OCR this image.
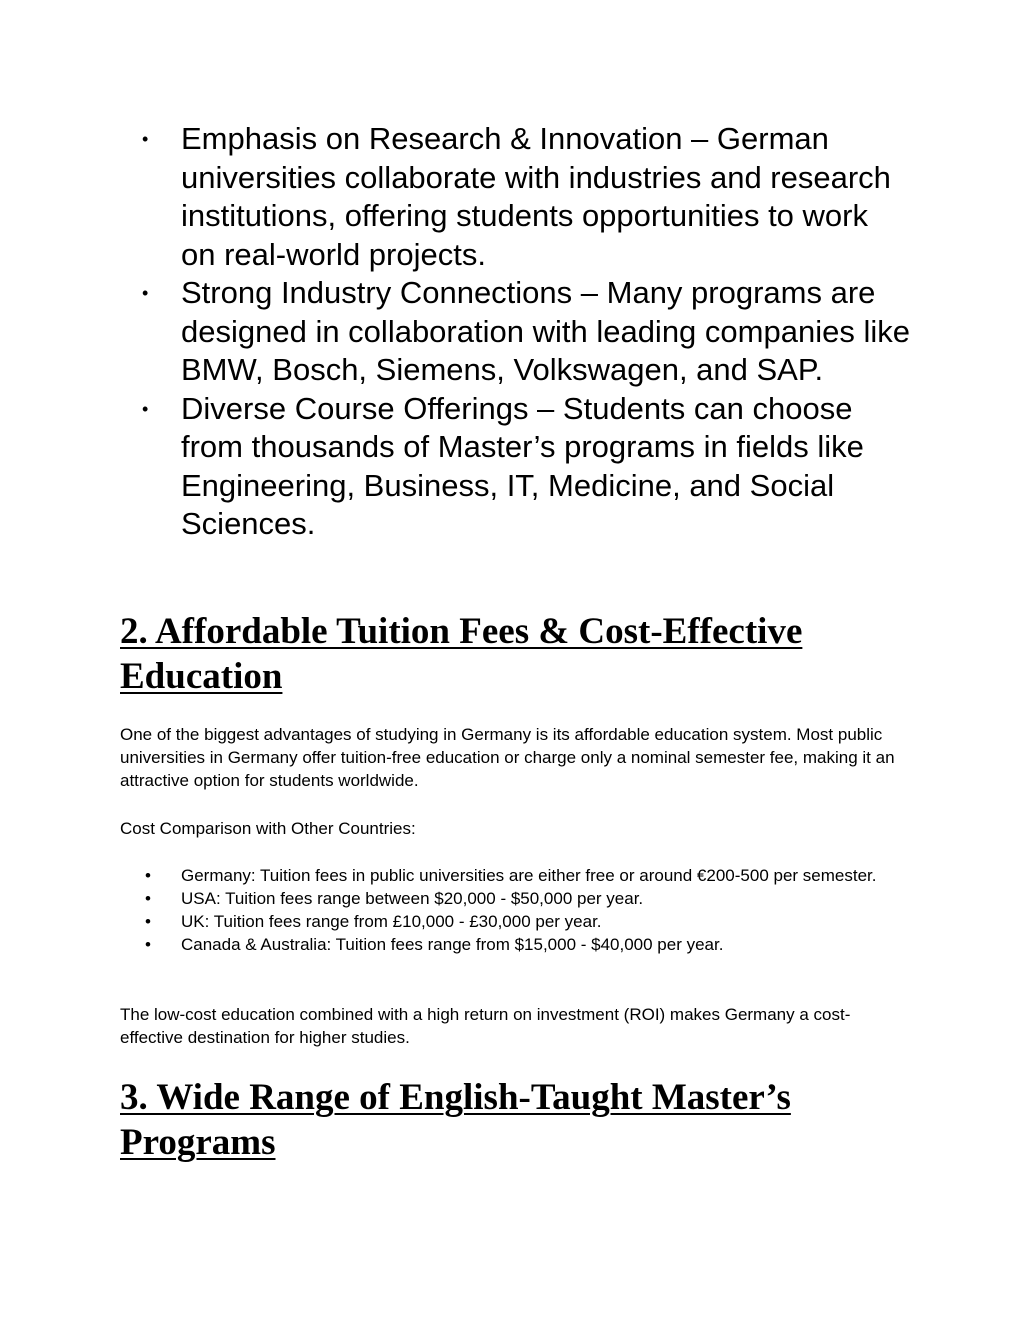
• Emphasis on Research & Innovation – German universities collaborate with industries and research institutions, offering students opportunities to work on real-world projects.
• Strong Industry Connections – Many programs are designed in collaboration with leading companies like BMW, Bosch, Siemens, Volkswagen, and SAP.
• Diverse Course Offerings – Students can choose from thousands of Master’s programs in fields like Engineering, Business, IT, Medicine, and Social Sciences.
2. Affordable Tuition Fees & Cost-Effective Education

One of the biggest advantages of studying in Germany is its affordable education system. Most public universities in Germany offer tuition-free education or charge only a nominal semester fee, making it an attractive option for students worldwide.

Cost Comparison with Other Countries:

• Germany: Tuition fees in public universities are either free or around €200-500 per semester.
• USA: Tuition fees range between $20,000 - $50,000 per year.
• UK: Tuition fees range from £10,000 - £30,000 per year.
• Canada & Australia: Tuition fees range from $15,000 - $40,000 per year.

The low-cost education combined with a high return on investment (ROI) makes Germany a cost-effective destination for higher studies.

3. Wide Range of English-Taught Master’s Programs
